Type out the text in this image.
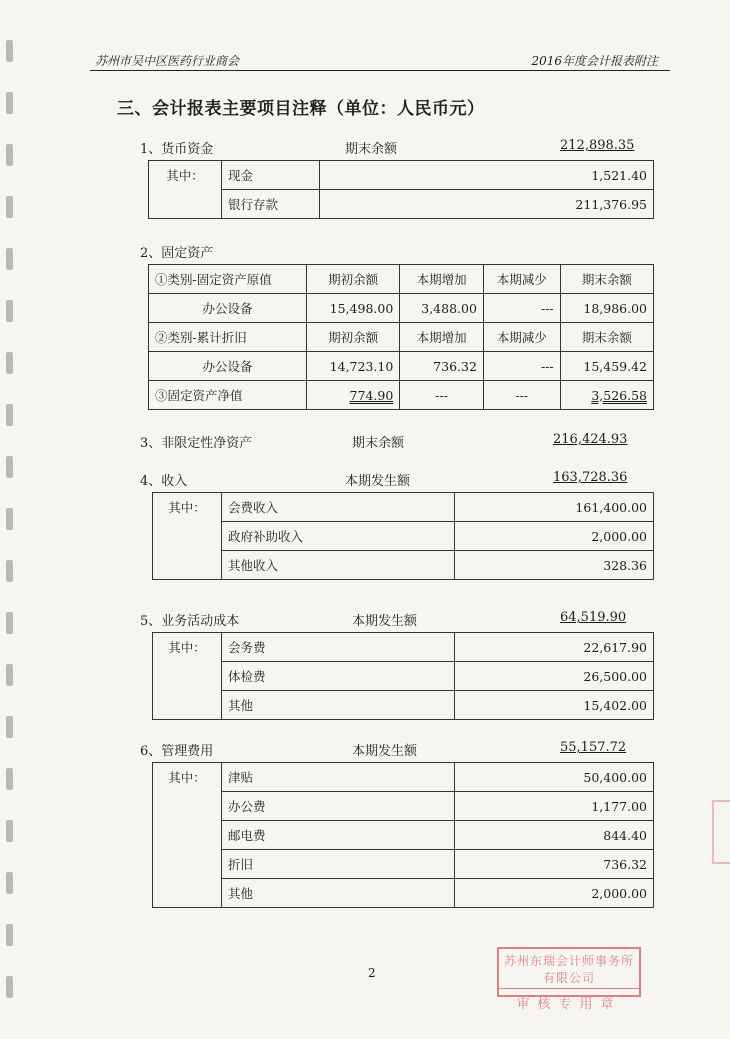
苏州市吴中区医药行业商会	2016年度会计报表附注
三、会计报表主要项目注释（单位：人民币元）
1、货币资金	期末余额	212,898.35
其中：	现金	1,521.40
	银行存款	211,376.95
2、固定资产
①类别-固定资产原值	期初余额	本期增加	本期减少	期末余额
办公设备	15,498.00	3,488.00	---	18,986.00
②类别-累计折旧	期初余额	本期增加	本期减少	期末余额
办公设备	14,723.10	736.32	---	15,459.42
③固定资产净值	774.90	---	---	3,526.58
3、非限定性净资产	期末余额	216,424.93
4、收入	本期发生额	163,728.36
其中：	会费收入	161,400.00
	政府补助收入	2,000.00
	其他收入	328.36
5、业务活动成本	本期发生额	64,519.90
其中：	会务费	22,617.90
	体检费	26,500.00
	其他	15,402.00
6、管理费用	本期发生额	55,157.72
其中：	津贴	50,400.00
	办公费	1,177.00
	邮电费	844.40
	折旧	736.32
	其他	2,000.00
2
苏州东瑞会计师事务所有限公司
审核专用章
